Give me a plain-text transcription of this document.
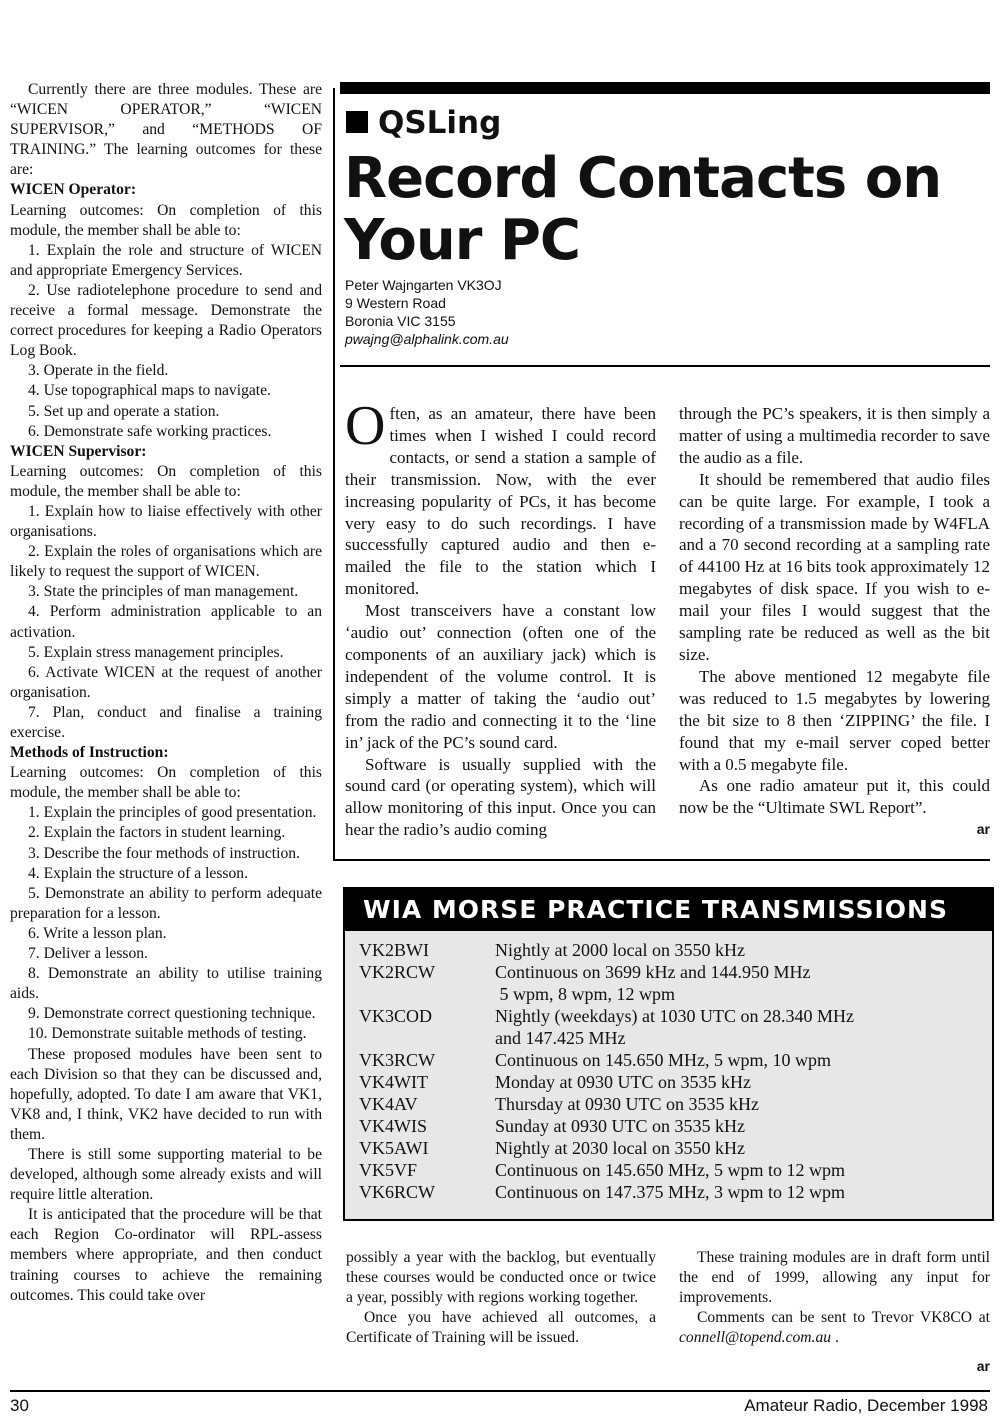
Currently there are three modules. These are “WICEN OPERATOR,” “WICEN SUPERVISOR,” and “METHODS OF TRAINING.” The learning outcomes for these are:

WICEN Operator:

Learning outcomes: On completion of this module, the member shall be able to:

1. Explain the role and structure of WICEN and appropriate Emergency Services.
2. Use radiotelephone procedure to send and receive a formal message. Demonstrate the correct procedures for keeping a Radio Operators Log Book.
3. Operate in the field.
4. Use topographical maps to navigate.
5. Set up and operate a station.
6. Demonstrate safe working practices.
WICEN Supervisor:

Learning outcomes: On completion of this module, the member shall be able to:

1. Explain how to liaise effectively with other organisations.
2. Explain the roles of organisations which are likely to request the support of WICEN.
3. State the principles of man management.
4. Perform administration applicable to an activation.
5. Explain stress management principles.
6. Activate WICEN at the request of another organisation.
7. Plan, conduct and finalise a training exercise.
Methods of Instruction:

Learning outcomes: On completion of this module, the member shall be able to:

1. Explain the principles of good presentation.
2. Explain the factors in student learning.
3. Describe the four methods of instruction.
4. Explain the structure of a lesson.
5. Demonstrate an ability to perform adequate preparation for a lesson.
6. Write a lesson plan.
7. Deliver a lesson.
8. Demonstrate an ability to utilise training aids.
9. Demonstrate correct questioning technique.
10. Demonstrate suitable methods of testing.

These proposed modules have been sent to each Division so that they can be discussed and, hopefully, adopted. To date I am aware that VK1, VK8 and, I think, VK2 have decided to run with them.

There is still some supporting material to be developed, although some already exists and will require little alteration.

It is anticipated that the procedure will be that each Region Co-ordinator will RPL-assess members where appropriate, and then conduct training courses to achieve the remaining outcomes. This could take over

QSLing
Record Contacts on Your PC
Peter Wajngarten VK3OJ
9 Western Road
Boronia VIC 3155
pwajng@alphalink.com.au

Often, as an amateur, there have been times when I wished I could record contacts, or send a station a sample of their transmission. Now, with the ever increasing popularity of PCs, it has become very easy to do such recordings. I have successfully captured audio and then e-mailed the file to the station which I monitored.

Most transceivers have a constant low ‘audio out’ connection (often one of the components of an auxiliary jack) which is independent of the volume control. It is simply a matter of taking the ‘audio out’ from the radio and connecting it to the ‘line in’ jack of the PC’s sound card.

Software is usually supplied with the sound card (or operating system), which will allow monitoring of this input. Once you can hear the radio’s audio coming

through the PC’s speakers, it is then simply a matter of using a multimedia recorder to save the audio as a file.

It should be remembered that audio files can be quite large. For example, I took a recording of a transmission made by W4FLA and a 70 second recording at a sampling rate of 44100 Hz at 16 bits took approximately 12 megabytes of disk space. If you wish to e-mail your files I would suggest that the sampling rate be reduced as well as the bit size.

The above mentioned 12 megabyte file was reduced to 1.5 megabytes by lowering the bit size to 8 then ‘ZIPPING’ the file. I found that my e-mail server coped better with a 0.5 megabyte file.

As one radio amateur put it, this could now be the “Ultimate SWL Report”.

ar
WIA MORSE PRACTICE TRANSMISSIONS
VK2BWI	Nightly at 2000 local on 3550 kHz
VK2RCW	Continuous on 3699 kHz and 144.950 MHz
	5 wpm, 8 wpm, 12 wpm
VK3COD	Nightly (weekdays) at 1030 UTC on 28.340 MHz
	and 147.425 MHz
VK3RCW	Continuous on 145.650 MHz, 5 wpm, 10 wpm
VK4WIT	Monday at 0930 UTC on 3535 kHz
VK4AV	Thursday at 0930 UTC on 3535 kHz
VK4WIS	Sunday at 0930 UTC on 3535 kHz
VK5AWI	Nightly at 2030 local on 3550 kHz
VK5VF	Continuous on 145.650 MHz, 5 wpm to 12 wpm
VK6RCW	Continuous on 147.375 MHz, 3 wpm to 12 wpm

possibly a year with the backlog, but eventually these courses would be conducted once or twice a year, possibly with regions working together.

Once you have achieved all outcomes, a Certificate of Training will be issued.

These training modules are in draft form until the end of 1999, allowing any input for improvements.

Comments can be sent to Trevor VK8CO at connell@topend.com.au .

ar
30	Amateur Radio, December 1998
